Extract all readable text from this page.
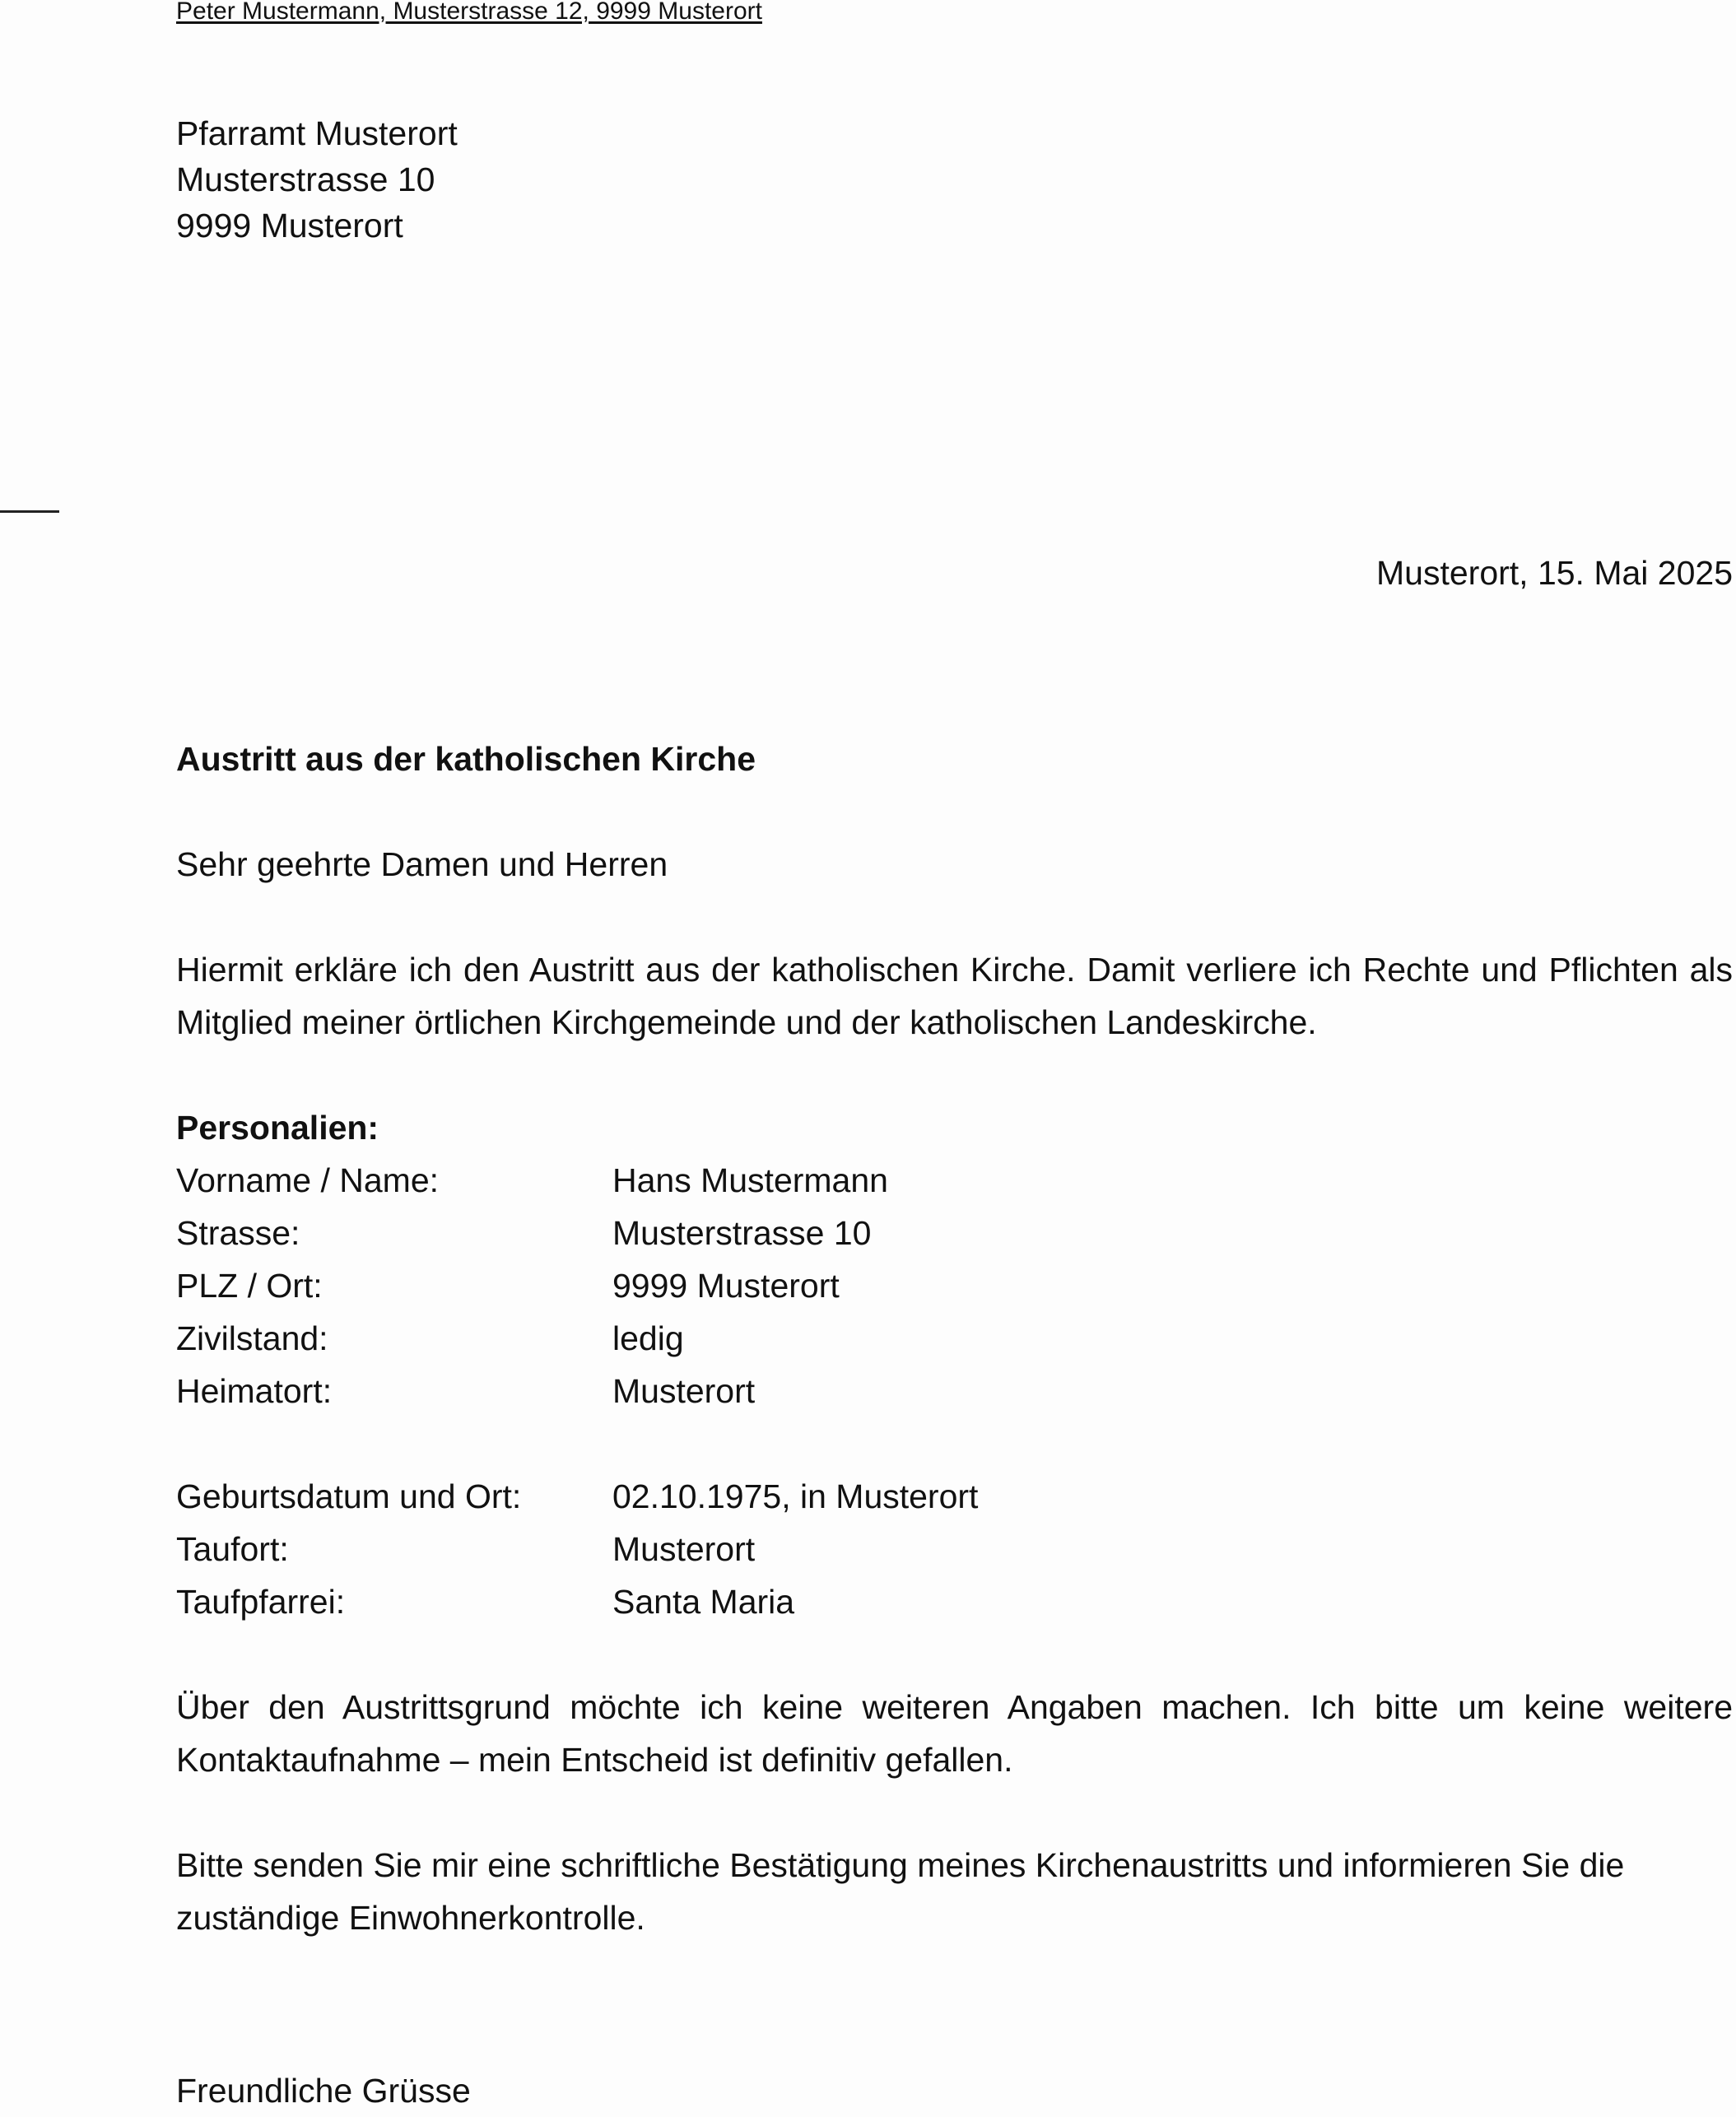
Peter Mustermann, Musterstrasse 12, 9999 Musterort
Pfarramt Musterort
Musterstrasse 10
9999 Musterort
Musterort, 15. Mai 2025
Austritt aus der katholischen Kirche
Sehr geehrte Damen und Herren
Hiermit erkläre ich den Austritt aus der katholischen Kirche. Damit verliere ich Rechte und Pflichten als Mitglied meiner örtlichen Kirchgemeinde und der katholischen Landeskirche.
Personalien:
Vorname / Name:	Hans Mustermann
Strasse:	Musterstrasse 10
PLZ / Ort:	9999 Musterort
Zivilstand:	ledig
Heimatort:	Musterort
Geburtsdatum und Ort:	02.10.1975, in Musterort
Taufort:	Musterort
Taufpfarrei:	Santa Maria
Über den Austrittsgrund möchte ich keine weiteren Angaben machen. Ich bitte um keine weitere Kontaktaufnahme – mein Entscheid ist definitiv gefallen.
Bitte senden Sie mir eine schriftliche Bestätigung meines Kirchenaustritts und informieren Sie die zuständige Einwohnerkontrolle.
Freundliche Grüsse
